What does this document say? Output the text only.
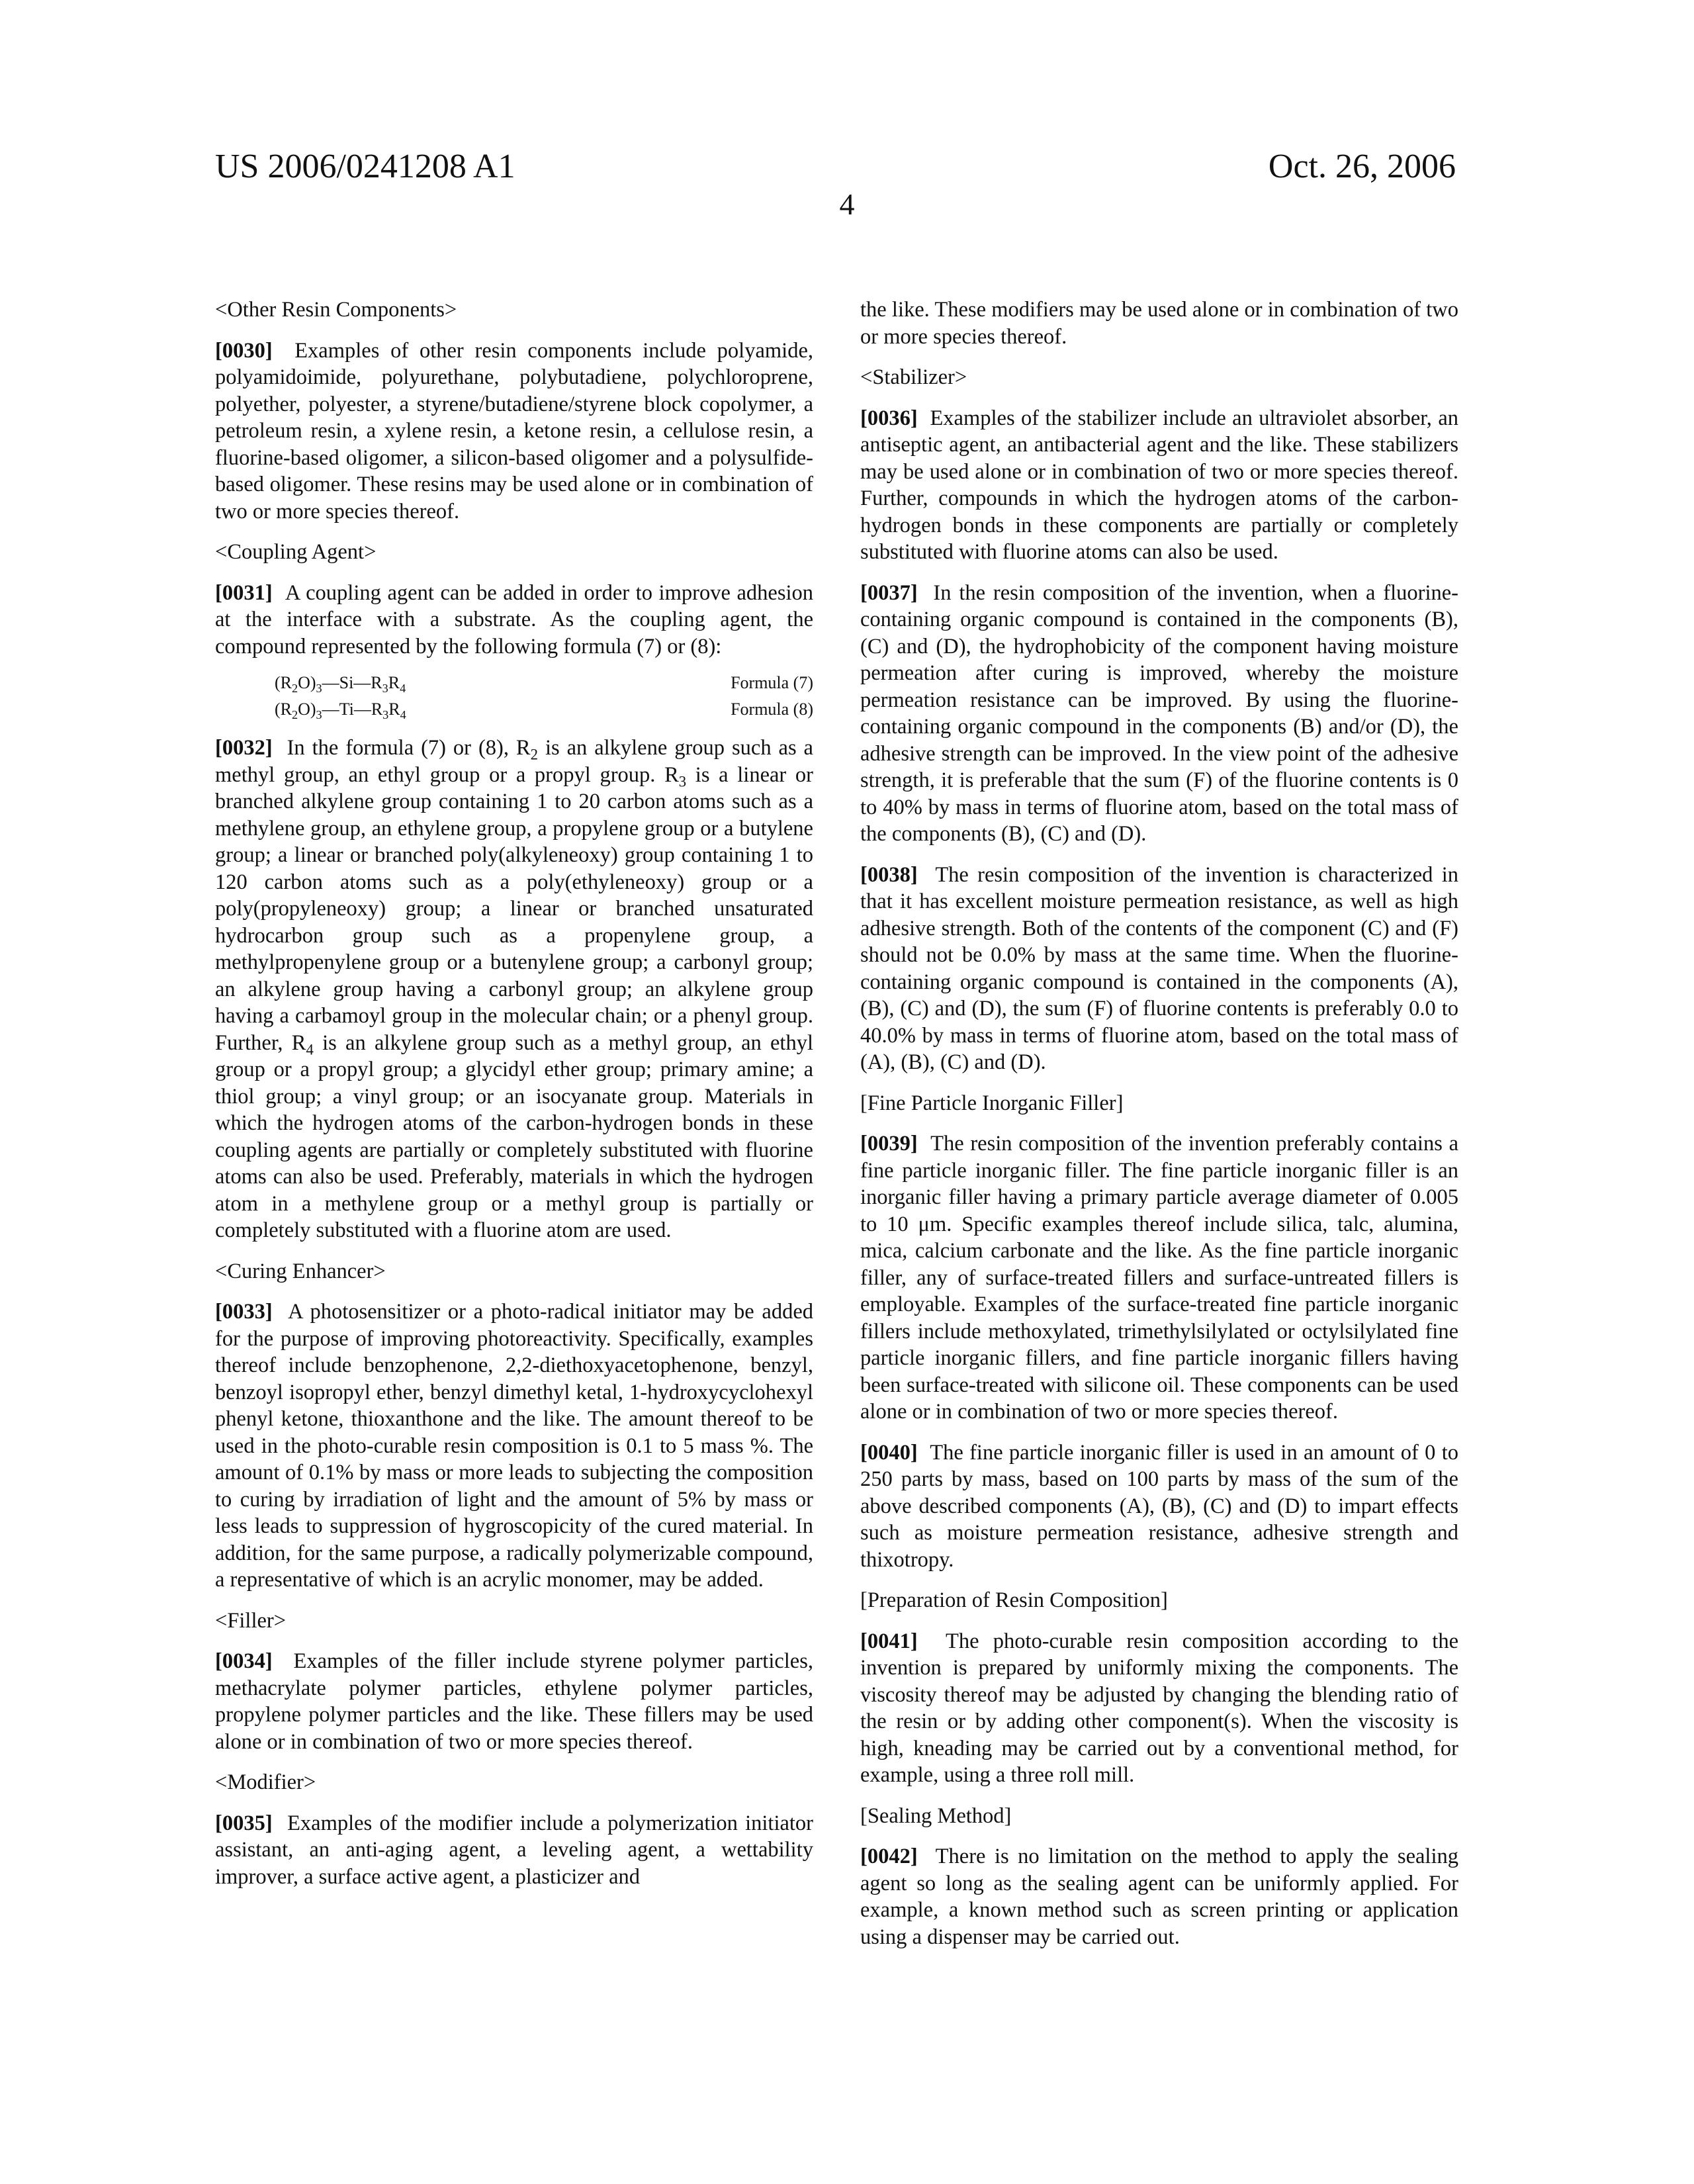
US 2006/0241208 A1	Oct. 26, 2006
4
<Other Resin Components>

[0030] Examples of other resin components include polyamide, polyamidoimide, polyurethane, polybutadiene, polychloroprene, polyether, polyester, a styrene/butadiene/styrene block copolymer, a petroleum resin, a xylene resin, a ketone resin, a cellulose resin, a fluorine-based oligomer, a silicon-based oligomer and a polysulfide-based oligomer. These resins may be used alone or in combination of two or more species thereof.

<Coupling Agent>

[0031] A coupling agent can be added in order to improve adhesion at the interface with a substrate. As the coupling agent, the compound represented by the following formula (7) or (8):

(R2O)3—Si—R3R4	Formula (7)
(R2O)3—Ti—R3R4	Formula (8)

[0032] In the formula (7) or (8), R2 is an alkylene group such as a methyl group, an ethyl group or a propyl group. R3 is a linear or branched alkylene group containing 1 to 20 carbon atoms such as a methylene group, an ethylene group, a propylene group or a butylene group; a linear or branched poly(alkyleneoxy) group containing 1 to 120 carbon atoms such as a poly(ethyleneoxy) group or a poly(propyleneoxy) group; a linear or branched unsaturated hydrocarbon group such as a propenylene group, a methylpropenylene group or a butenylene group; a carbonyl group; an alkylene group having a carbonyl group; an alkylene group having a carbamoyl group in the molecular chain; or a phenyl group. Further, R4 is an alkylene group such as a methyl group, an ethyl group or a propyl group; a glycidyl ether group; primary amine; a thiol group; a vinyl group; or an isocyanate group. Materials in which the hydrogen atoms of the carbon-hydrogen bonds in these coupling agents are partially or completely substituted with fluorine atoms can also be used. Preferably, materials in which the hydrogen atom in a methylene group or a methyl group is partially or completely substituted with a fluorine atom are used.

<Curing Enhancer>

[0033] A photosensitizer or a photo-radical initiator may be added for the purpose of improving photoreactivity. Specifically, examples thereof include benzophenone, 2,2-diethoxyacetophenone, benzyl, benzoyl isopropyl ether, benzyl dimethyl ketal, 1-hydroxycyclohexyl phenyl ketone, thioxanthone and the like. The amount thereof to be used in the photo-curable resin composition is 0.1 to 5 mass %. The amount of 0.1% by mass or more leads to subjecting the composition to curing by irradiation of light and the amount of 5% by mass or less leads to suppression of hygroscopicity of the cured material. In addition, for the same purpose, a radically polymerizable compound, a representative of which is an acrylic monomer, may be added.

<Filler>

[0034] Examples of the filler include styrene polymer particles, methacrylate polymer particles, ethylene polymer particles, propylene polymer particles and the like. These fillers may be used alone or in combination of two or more species thereof.

<Modifier>

[0035] Examples of the modifier include a polymerization initiator assistant, an anti-aging agent, a leveling agent, a wettability improver, a surface active agent, a plasticizer and

the like. These modifiers may be used alone or in combination of two or more species thereof.

<Stabilizer>

[0036] Examples of the stabilizer include an ultraviolet absorber, an antiseptic agent, an antibacterial agent and the like. These stabilizers may be used alone or in combination of two or more species thereof. Further, compounds in which the hydrogen atoms of the carbon-hydrogen bonds in these components are partially or completely substituted with fluorine atoms can also be used.

[0037] In the resin composition of the invention, when a fluorine-containing organic compound is contained in the components (B), (C) and (D), the hydrophobicity of the component having moisture permeation after curing is improved, whereby the moisture permeation resistance can be improved. By using the fluorine-containing organic compound in the components (B) and/or (D), the adhesive strength can be improved. In the view point of the adhesive strength, it is preferable that the sum (F) of the fluorine contents is 0 to 40% by mass in terms of fluorine atom, based on the total mass of the components (B), (C) and (D).

[0038] The resin composition of the invention is characterized in that it has excellent moisture permeation resistance, as well as high adhesive strength. Both of the contents of the component (C) and (F) should not be 0.0% by mass at the same time. When the fluorine-containing organic compound is contained in the components (A), (B), (C) and (D), the sum (F) of fluorine contents is preferably 0.0 to 40.0% by mass in terms of fluorine atom, based on the total mass of (A), (B), (C) and (D).

[Fine Particle Inorganic Filler]

[0039] The resin composition of the invention preferably contains a fine particle inorganic filler. The fine particle inorganic filler is an inorganic filler having a primary particle average diameter of 0.005 to 10 μm. Specific examples thereof include silica, talc, alumina, mica, calcium carbonate and the like. As the fine particle inorganic filler, any of surface-treated fillers and surface-untreated fillers is employable. Examples of the surface-treated fine particle inorganic fillers include methoxylated, trimethylsilylated or octylsilylated fine particle inorganic fillers, and fine particle inorganic fillers having been surface-treated with silicone oil. These components can be used alone or in combination of two or more species thereof.

[0040] The fine particle inorganic filler is used in an amount of 0 to 250 parts by mass, based on 100 parts by mass of the sum of the above described components (A), (B), (C) and (D) to impart effects such as moisture permeation resistance, adhesive strength and thixotropy.

[Preparation of Resin Composition]

[0041] The photo-curable resin composition according to the invention is prepared by uniformly mixing the components. The viscosity thereof may be adjusted by changing the blending ratio of the resin or by adding other component(s). When the viscosity is high, kneading may be carried out by a conventional method, for example, using a three roll mill.

[Sealing Method]

[0042] There is no limitation on the method to apply the sealing agent so long as the sealing agent can be uniformly applied. For example, a known method such as screen printing or application using a dispenser may be carried out.
